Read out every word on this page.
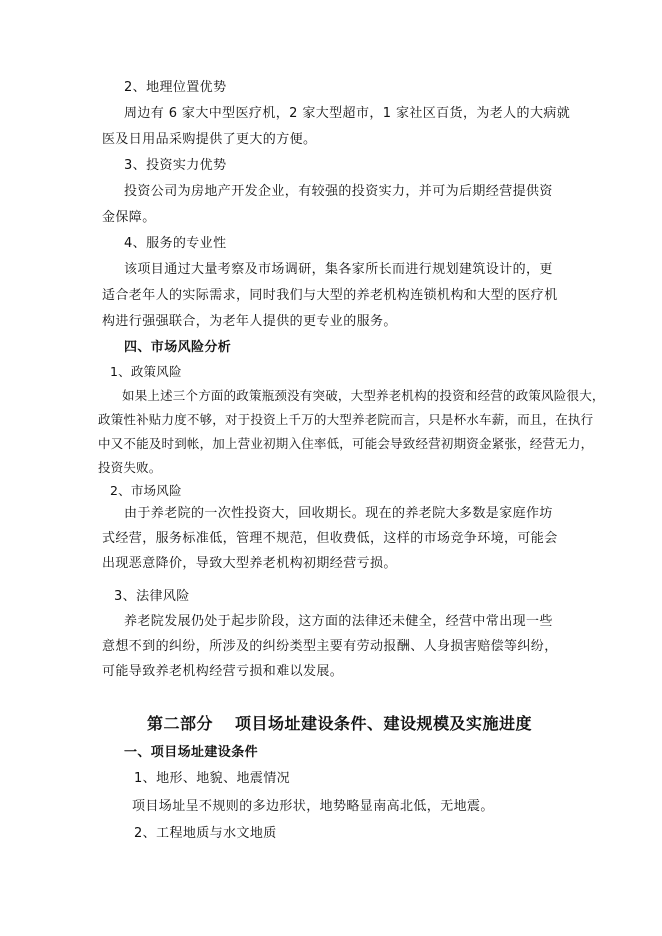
2、地理位置优势
周边有 6 家大中型医疗机，2 家大型超市，1 家社区百货，为老人的大病就
医及日用品采购提供了更大的方便。
3、投资实力优势
投资公司为房地产开发企业，有较强的投资实力，并可为后期经营提供资
金保障。
4、服务的专业性
该项目通过大量考察及市场调研，集各家所长而进行规划建筑设计的，更
适合老年人的实际需求，同时我们与大型的养老机构连锁机构和大型的医疗机
构进行强强联合，为老年人提供的更专业的服务。
四、市场风险分析
1、政策风险
如果上述三个方面的政策瓶颈没有突破，大型养老机构的投资和经营的政策风险很大，
政策性补贴力度不够，对于投资上千万的大型养老院而言，只是杯水车薪，而且，在执行
中又不能及时到帐，加上营业初期入住率低，可能会导致经营初期资金紧张，经营无力，
投资失败。
2、市场风险
由于养老院的一次性投资大，回收期长。现在的养老院大多数是家庭作坊
式经营，服务标准低，管理不规范，但收费低，这样的市场竞争环境，可能会
出现恶意降价，导致大型养老机构初期经营亏损。
3、法律风险
养老院发展仍处于起步阶段，这方面的法律还未健全，经营中常出现一些
意想不到的纠纷，所涉及的纠纷类型主要有劳动报酬、人身损害赔偿等纠纷，
可能导致养老机构经营亏损和难以发展。
第二部分 项目场址建设条件、建设规模及实施进度
一、项目场址建设条件
1、地形、地貌、地震情况
项目场址呈不规则的多边形状，地势略显南高北低，无地震。
2、工程地质与水文地质
